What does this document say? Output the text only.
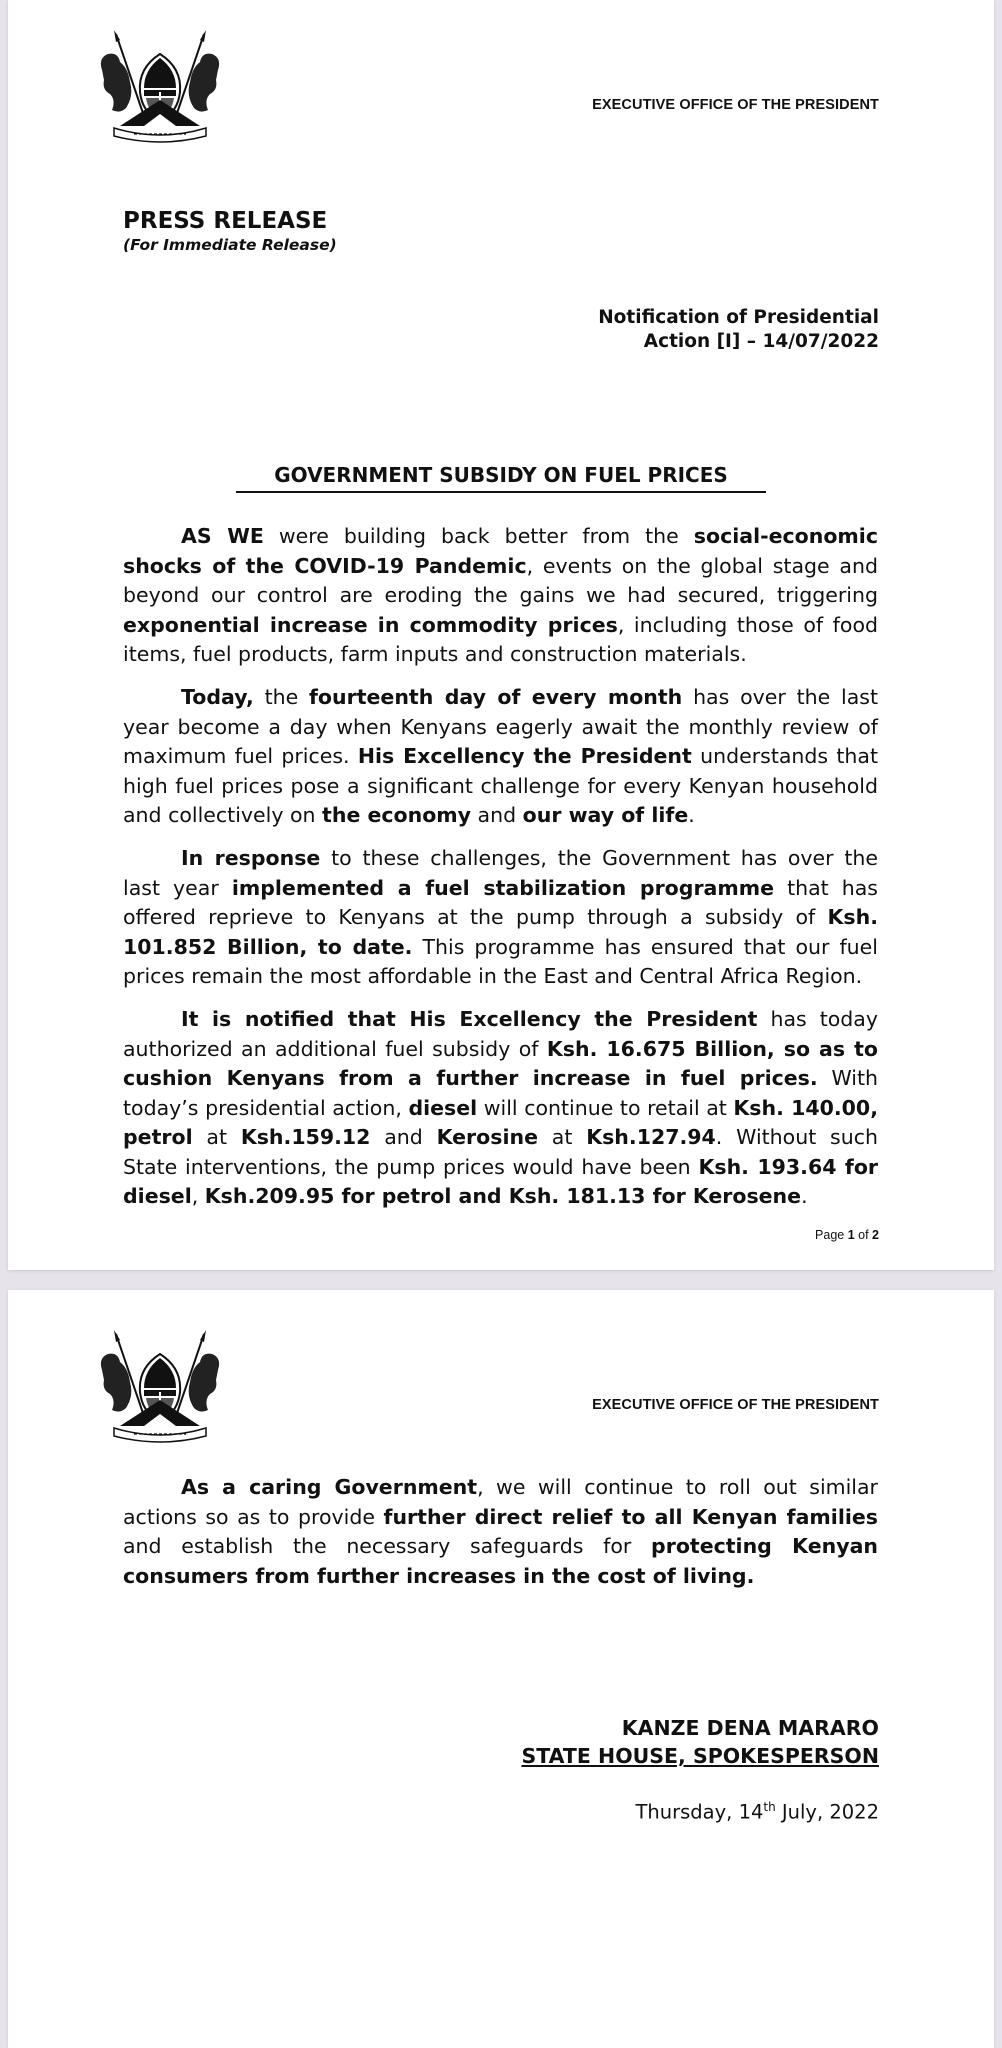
EXECUTIVE OFFICE OF THE PRESIDENT
PRESS RELEASE
(For Immediate Release)
Notification of Presidential
Action [I] – 14/07/2022
GOVERNMENT SUBSIDY ON FUEL PRICES

AS WE were building back better from the social-economic shocks of the COVID-19 Pandemic, events on the global stage and beyond our control are eroding the gains we had secured, triggering exponential increase in commodity prices, including those of food items, fuel products, farm inputs and construction materials.

Today, the fourteenth day of every month has over the last year become a day when Kenyans eagerly await the monthly review of maximum fuel prices. His Excellency the President understands that high fuel prices pose a significant challenge for every Kenyan household and collectively on the economy and our way of life.

In response to these challenges, the Government has over the last year implemented a fuel stabilization programme that has offered reprieve to Kenyans at the pump through a subsidy of Ksh. 101.852 Billion, to date. This programme has ensured that our fuel prices remain the most affordable in the East and Central Africa Region.

It is notified that His Excellency the President has today authorized an additional fuel subsidy of Ksh. 16.675 Billion, so as to cushion Kenyans from a further increase in fuel prices. With today’s presidential action, diesel will continue to retail at Ksh. 140.00, petrol at Ksh.159.12 and Kerosine at Ksh.127.94. Without such State interventions, the pump prices would have been Ksh. 193.64 for diesel, Ksh.209.95 for petrol and Ksh. 181.13 for Kerosene.

Page 1 of 2
EXECUTIVE OFFICE OF THE PRESIDENT

As a caring Government, we will continue to roll out similar actions so as to provide further direct relief to all Kenyan families and establish the necessary safeguards for protecting Kenyan consumers from further increases in the cost of living.

KANZE DENA MARARO
STATE HOUSE, SPOKESPERSON
Thursday, 14th July, 2022
